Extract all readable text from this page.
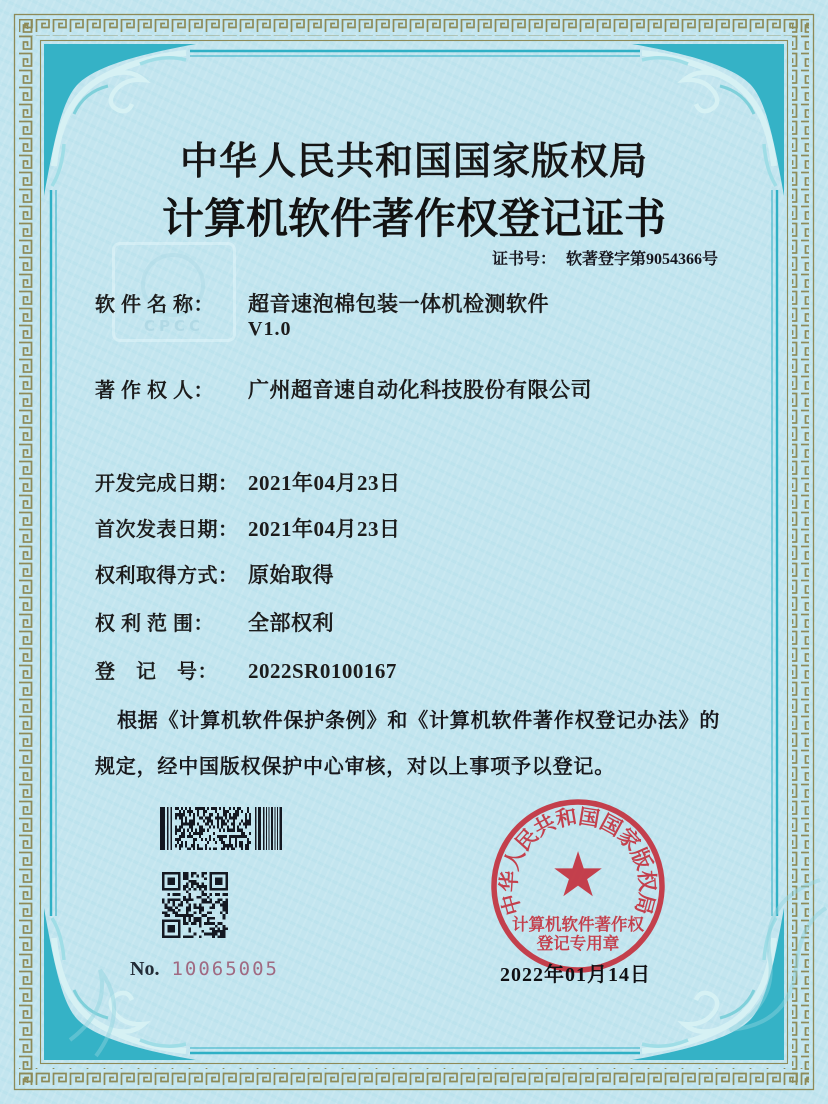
CPCC
中华人民共和国国家版权局
计算机软件著作权登记证书
证书号： 软著登字第9054366号
软 件 名 称： 超音速泡棉包装一体机检测软件
V1.0
著 作 权 人： 广州超音速自动化科技股份有限公司
开发完成日期： 2021年04月23日
首次发表日期： 2021年04月23日
权利取得方式： 原始取得
权 利 范 围： 全部权利
登　记　号： 2022SR0100167
根据《计算机软件保护条例》和《计算机软件著作权登记办法》的
规定，经中国版权保护中心审核，对以上事项予以登记。
中华人民共和国国家版权局
★
计算机软件著作权
登记专用章
No. 10065005	2022年01月14日
